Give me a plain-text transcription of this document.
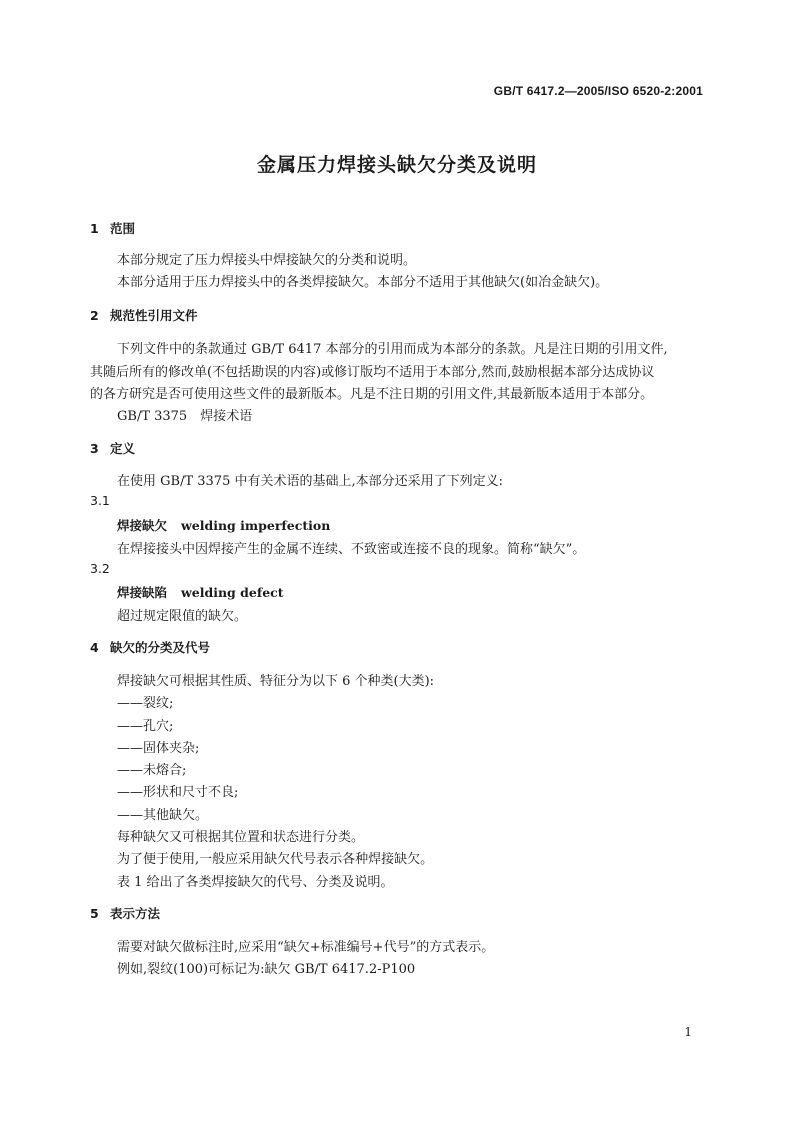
GB/T 6417.2—2005/ISO 6520-2:2001
金属压力焊接头缺欠分类及说明
1 范围
本部分规定了压力焊接头中焊接缺欠的分类和说明。
本部分适用于压力焊接头中的各类焊接缺欠。本部分不适用于其他缺欠(如冶金缺欠)。
2 规范性引用文件
下列文件中的条款通过 GB/T 6417 本部分的引用而成为本部分的条款。凡是注日期的引用文件,
其随后所有的修改单(不包括勘误的内容)或修订版均不适用于本部分,然而,鼓励根据本部分达成协议
的各方研究是否可使用这些文件的最新版本。凡是不注日期的引用文件,其最新版本适用于本部分。
GB/T 3375　焊接术语
3 定义
在使用 GB/T 3375 中有关术语的基础上,本部分还采用了下列定义:
3.1
焊接缺欠 welding imperfection
在焊接接头中因焊接产生的金属不连续、不致密或连接不良的现象。简称“缺欠”。
3.2
焊接缺陷 welding defect
超过规定限值的缺欠。
4 缺欠的分类及代号
焊接缺欠可根据其性质、特征分为以下 6 个种类(大类):
——裂纹;
——孔穴;
——固体夹杂;
——未熔合;
——形状和尺寸不良;
——其他缺欠。
每种缺欠又可根据其位置和状态进行分类。
为了便于使用,一般应采用缺欠代号表示各种焊接缺欠。
表 1 给出了各类焊接缺欠的代号、分类及说明。
5 表示方法
需要对缺欠做标注时,应采用“缺欠+标准编号+代号”的方式表示。
例如,裂纹(100)可标记为:缺欠 GB/T 6417.2-P100
1
